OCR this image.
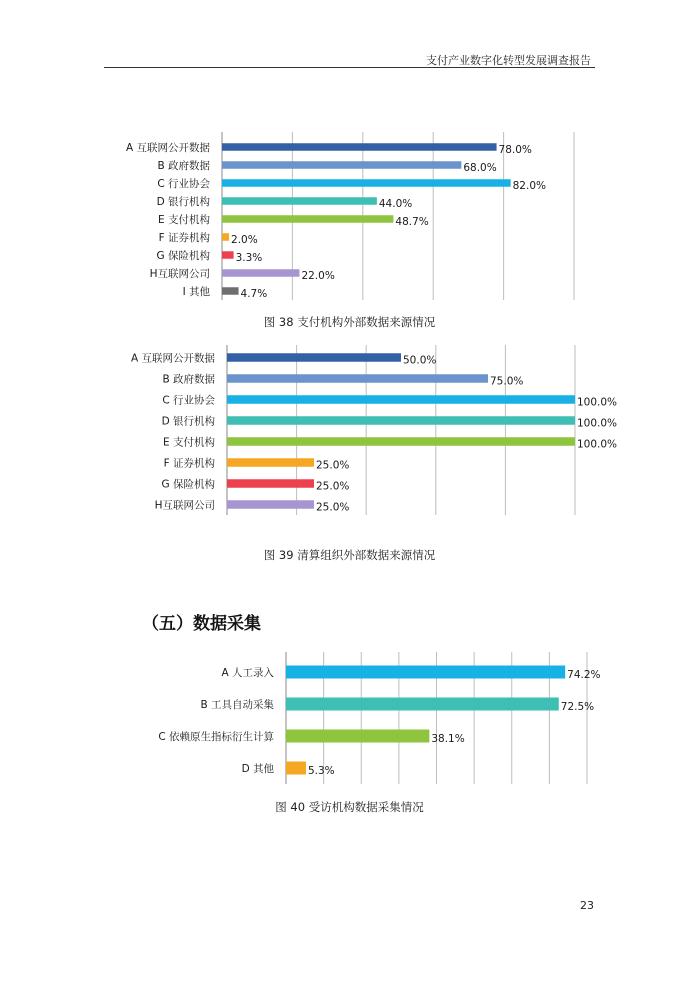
支付产业数字化转型发展调查报告
A 互联网公开数据	78.0%
B 政府数据	68.0%
C 行业协会	82.0%
D 银行机构	44.0%
E 支付机构	48.7%
F 证券机构 2.0%
G 保险机构 3.3%
H互联网公司	22.0%
I 其他	4.7%
图 38 支付机构外部数据来源情况
A 互联网公开数据	50.0%
B 政府数据	75.0%
C 行业协会	100.0%
D 银行机构	100.0%
E 支付机构	100.0%
F 证券机构	25.0%
G 保险机构	25.0%
H互联网公司	25.0%
图 39 清算组织外部数据来源情况
（五）数据采集
A 人工录入	74.2%
B 工具自动采集	72.5%
C 依赖原生指标衍生计算	38.1%
D 其他	5.3%
图 40 受访机构数据采集情况
23
